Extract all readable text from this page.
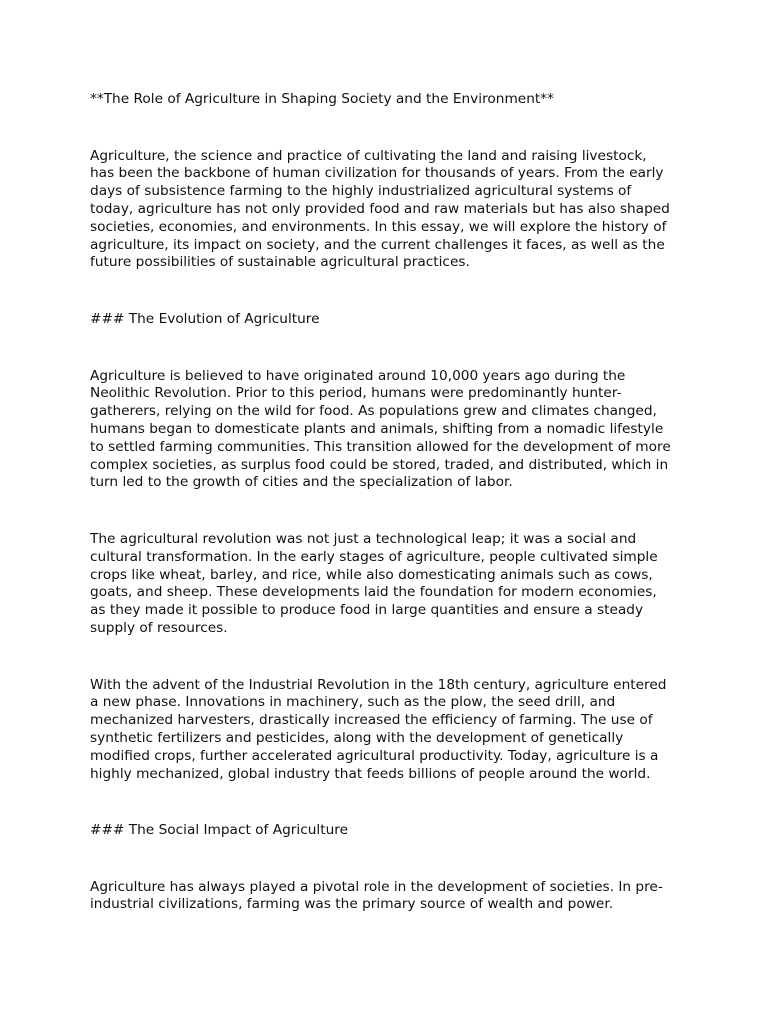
**The Role of Agriculture in Shaping Society and the Environment**
Agriculture, the science and practice of cultivating the land and raising livestock,
has been the backbone of human civilization for thousands of years. From the early
days of subsistence farming to the highly industrialized agricultural systems of
today, agriculture has not only provided food and raw materials but has also shaped
societies, economies, and environments. In this essay, we will explore the history of
agriculture, its impact on society, and the current challenges it faces, as well as the
future possibilities of sustainable agricultural practices.
### The Evolution of Agriculture
Agriculture is believed to have originated around 10,000 years ago during the
Neolithic Revolution. Prior to this period, humans were predominantly hunter-
gatherers, relying on the wild for food. As populations grew and climates changed,
humans began to domesticate plants and animals, shifting from a nomadic lifestyle
to settled farming communities. This transition allowed for the development of more
complex societies, as surplus food could be stored, traded, and distributed, which in
turn led to the growth of cities and the specialization of labor.
The agricultural revolution was not just a technological leap; it was a social and
cultural transformation. In the early stages of agriculture, people cultivated simple
crops like wheat, barley, and rice, while also domesticating animals such as cows,
goats, and sheep. These developments laid the foundation for modern economies,
as they made it possible to produce food in large quantities and ensure a steady
supply of resources.
With the advent of the Industrial Revolution in the 18th century, agriculture entered
a new phase. Innovations in machinery, such as the plow, the seed drill, and
mechanized harvesters, drastically increased the efficiency of farming. The use of
synthetic fertilizers and pesticides, along with the development of genetically
modified crops, further accelerated agricultural productivity. Today, agriculture is a
highly mechanized, global industry that feeds billions of people around the world.
### The Social Impact of Agriculture
Agriculture has always played a pivotal role in the development of societies. In pre-
industrial civilizations, farming was the primary source of wealth and power.
